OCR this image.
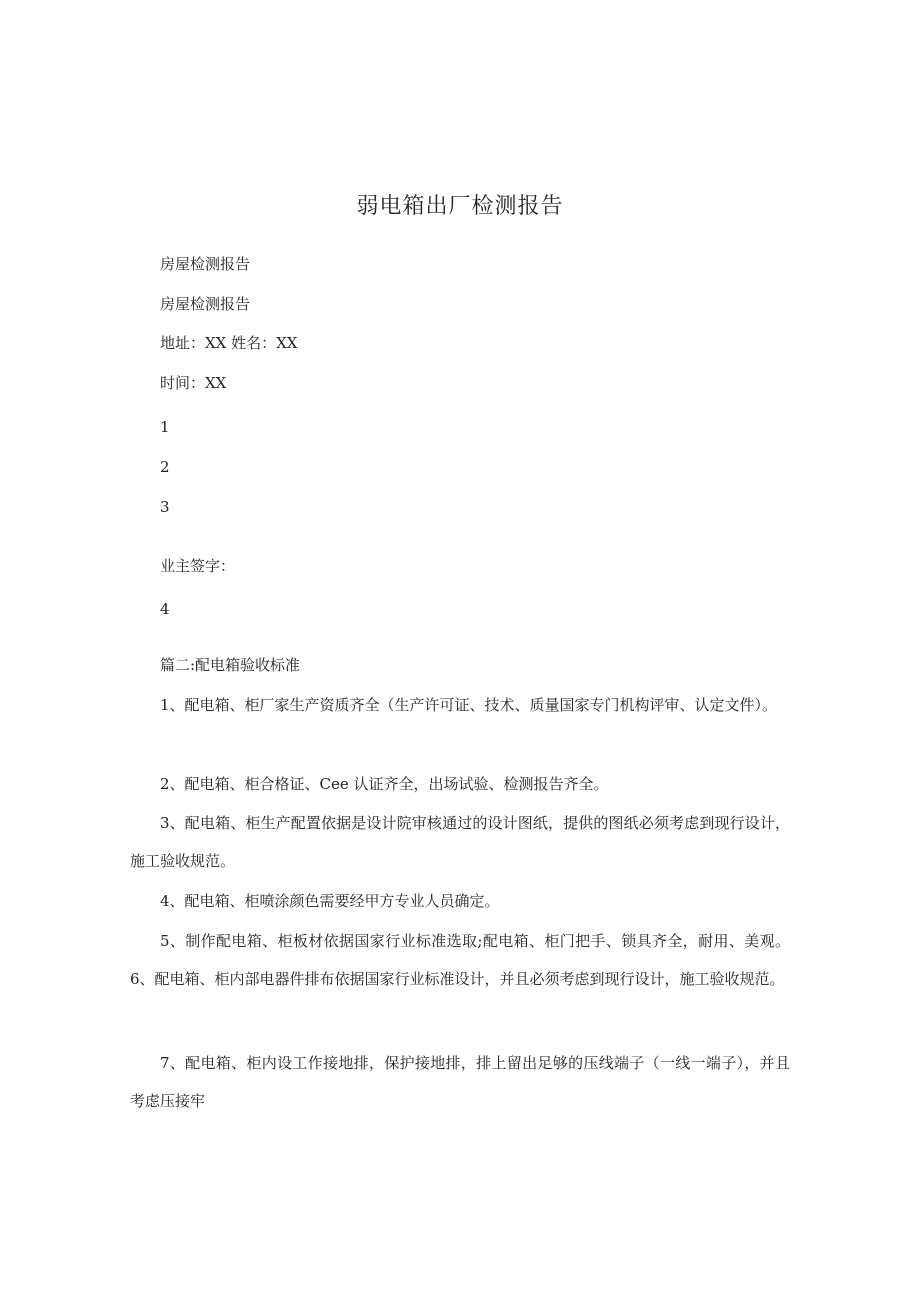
弱电箱出厂检测报告
房屋检测报告
房屋检测报告
地址：XX 姓名：XX
时间：XX
1
2
3
业主签字：
4
篇二:配电箱验收标准
1、配电箱、柜厂家生产资质齐全（生产许可证、技术、质量国家专门机构评审、认定文件）。
2、配电箱、柜合格证、Cee 认证齐全，出场试验、检测报告齐全。
3、配电箱、柜生产配置依据是设计院审核通过的设计图纸，提供的图纸必须考虑到现行设计，施工验收规范。
4、配电箱、柜喷涂颜色需要经甲方专业人员确定。
5、制作配电箱、柜板材依据国家行业标准选取;配电箱、柜门把手、锁具齐全，耐用、美观。6、配电箱、柜内部电器件排布依据国家行业标准设计，并且必须考虑到现行设计，施工验收规范。
7、配电箱、柜内设工作接地排，保护接地排，排上留出足够的压线端子（一线一端子），并且考虑压接牢
